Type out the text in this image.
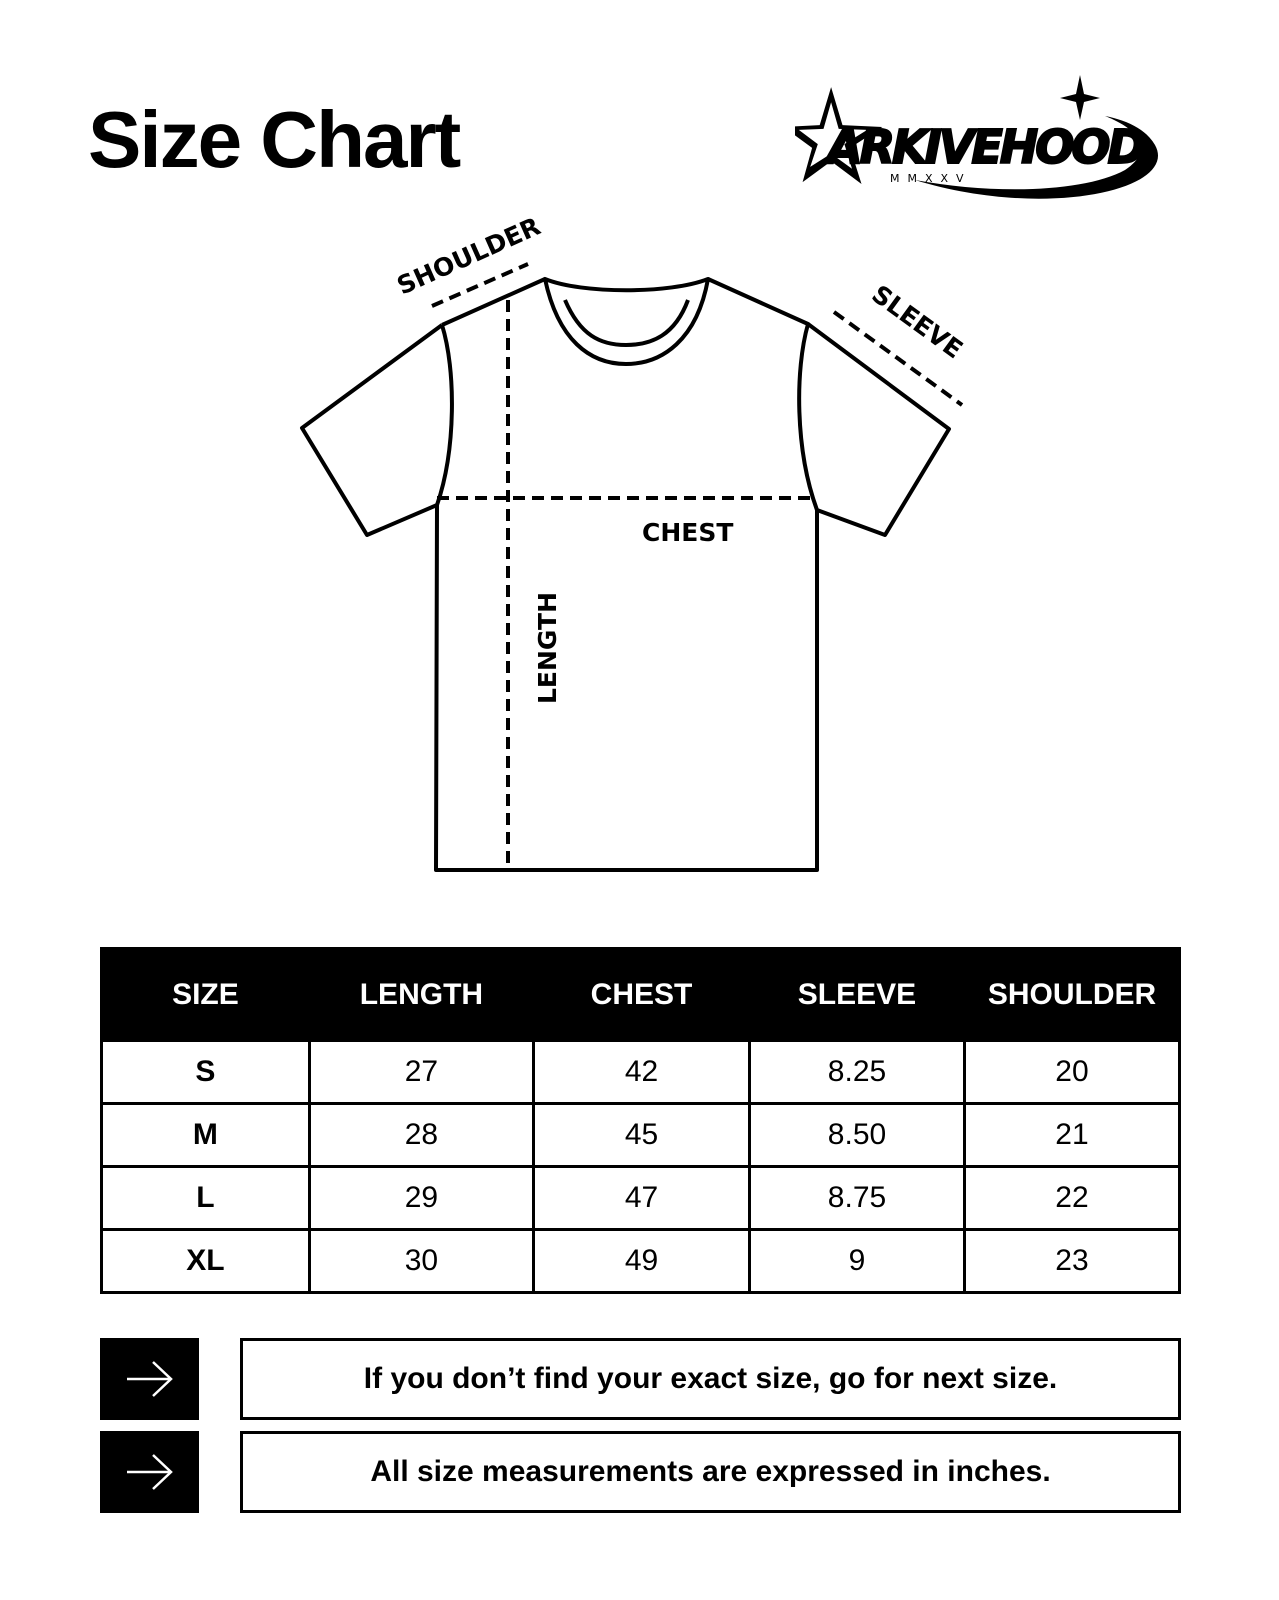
Size Chart	ARKIVEHOOD
MMXXV
SHOULDER
SLEEVE
CHEST
LENGTH
SIZE	LENGTH	CHEST	SLEEVE	SHOULDER
S	27	42	8.25	20
M	28	45	8.50	21
L	29	47	8.75	22
XL	30	49	9	23
If you don’t find your exact size, go for next size.
All size measurements are expressed in inches.
